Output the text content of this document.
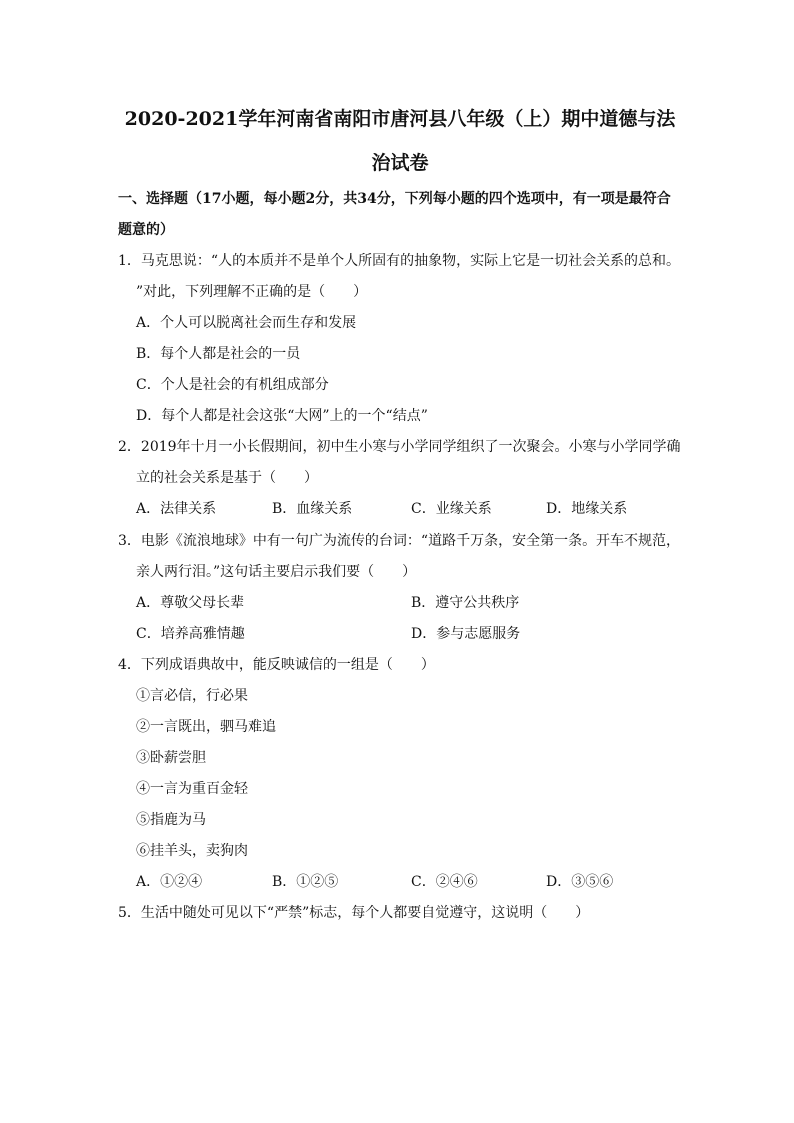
2020-2021学年河南省南阳市唐河县八年级（上）期中道德与法
治试卷
一、选择题（17小题，每小题2分，共34分，下列每小题的四个选项中，有一项是最符合
题意的）
1．马克思说：“人的本质并不是单个人所固有的抽象物，实际上它是一切社会关系的总和。
”对此，下列理解不正确的是（　　）
A．个人可以脱离社会而生存和发展
B．每个人都是社会的一员
C．个人是社会的有机组成部分
D．每个人都是社会这张“大网”上的一个“结点”
2．2019年十月一小长假期间，初中生小寒与小学同学组织了一次聚会。小寒与小学同学确
立的社会关系是基于（　　）
A．法律关系	B．血缘关系	C．业缘关系	D．地缘关系
3．电影《流浪地球》中有一句广为流传的台词：“道路千万条，安全第一条。开车不规范，
亲人两行泪。”这句话主要启示我们要（　　）
A．尊敬父母长辈	B．遵守公共秩序
C．培养高雅情趣	D．参与志愿服务
4．下列成语典故中，能反映诚信的一组是（　　）
①言必信，行必果
②一言既出，驷马难追
③卧薪尝胆
④一言为重百金轻
⑤指鹿为马
⑥挂羊头，卖狗肉
A．①②④	B．①②⑤	C．②④⑥	D．③⑤⑥
5．生活中随处可见以下“严禁”标志，每个人都要自觉遵守，这说明（　　）
